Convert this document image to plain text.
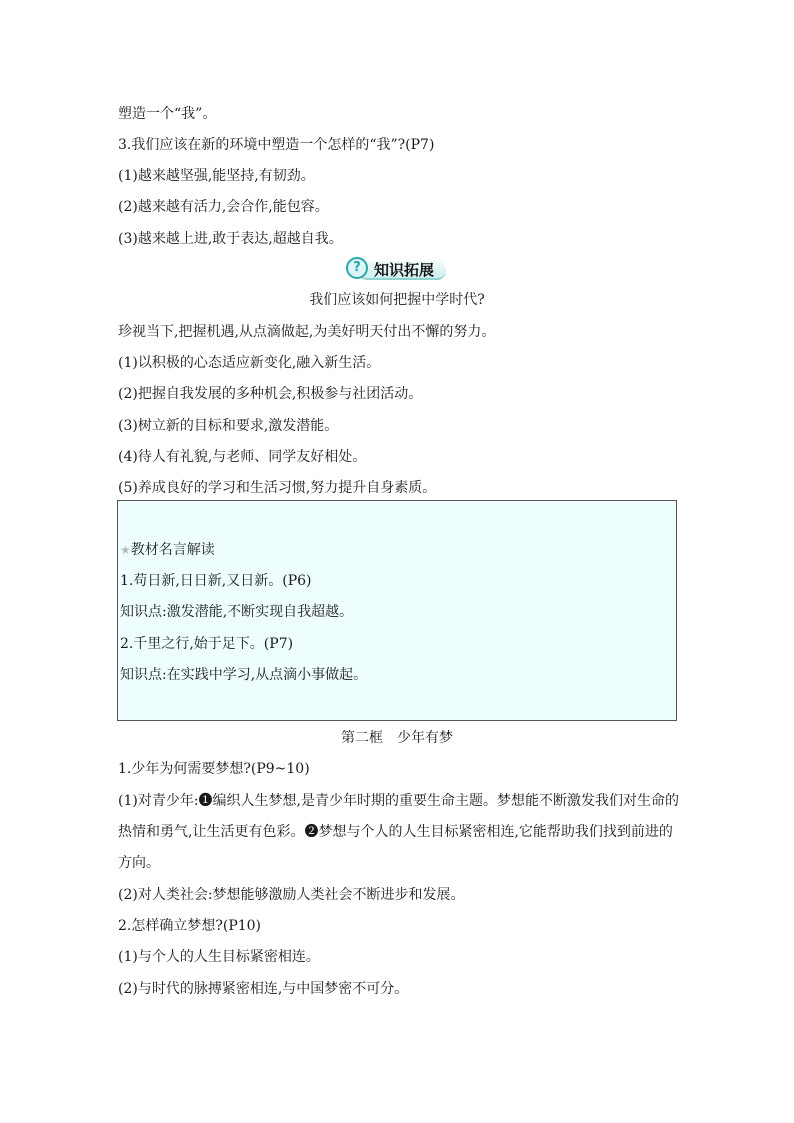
塑造一个“我”。
3.我们应该在新的环境中塑造一个怎样的“我”?(P7)
(1)越来越坚强,能坚持,有韧劲。
(2)越来越有活力,会合作,能包容。
(3)越来越上进,敢于表达,超越自我。
? 知识拓展
我们应该如何把握中学时代?
珍视当下,把握机遇,从点滴做起,为美好明天付出不懈的努力。
(1)以积极的心态适应新变化,融入新生活。
(2)把握自我发展的多种机会,积极参与社团活动。
(3)树立新的目标和要求,激发潜能。
(4)待人有礼貌,与老师、同学友好相处。
(5)养成良好的学习和生活习惯,努力提升自身素质。
★教材名言解读
1.苟日新,日日新,又日新。(P6)
知识点:激发潜能,不断实现自我超越。
2.千里之行,始于足下。(P7)
知识点:在实践中学习,从点滴小事做起。
第二框　少年有梦
1.少年为何需要梦想?(P9~10)
(1)对青少年:❶编织人生梦想,是青少年时期的重要生命主题。梦想能不断激发我们对生命的
热情和勇气,让生活更有色彩。❷梦想与个人的人生目标紧密相连,它能帮助我们找到前进的
方向。
(2)对人类社会:梦想能够激励人类社会不断进步和发展。
2.怎样确立梦想?(P10)
(1)与个人的人生目标紧密相连。
(2)与时代的脉搏紧密相连,与中国梦密不可分。
